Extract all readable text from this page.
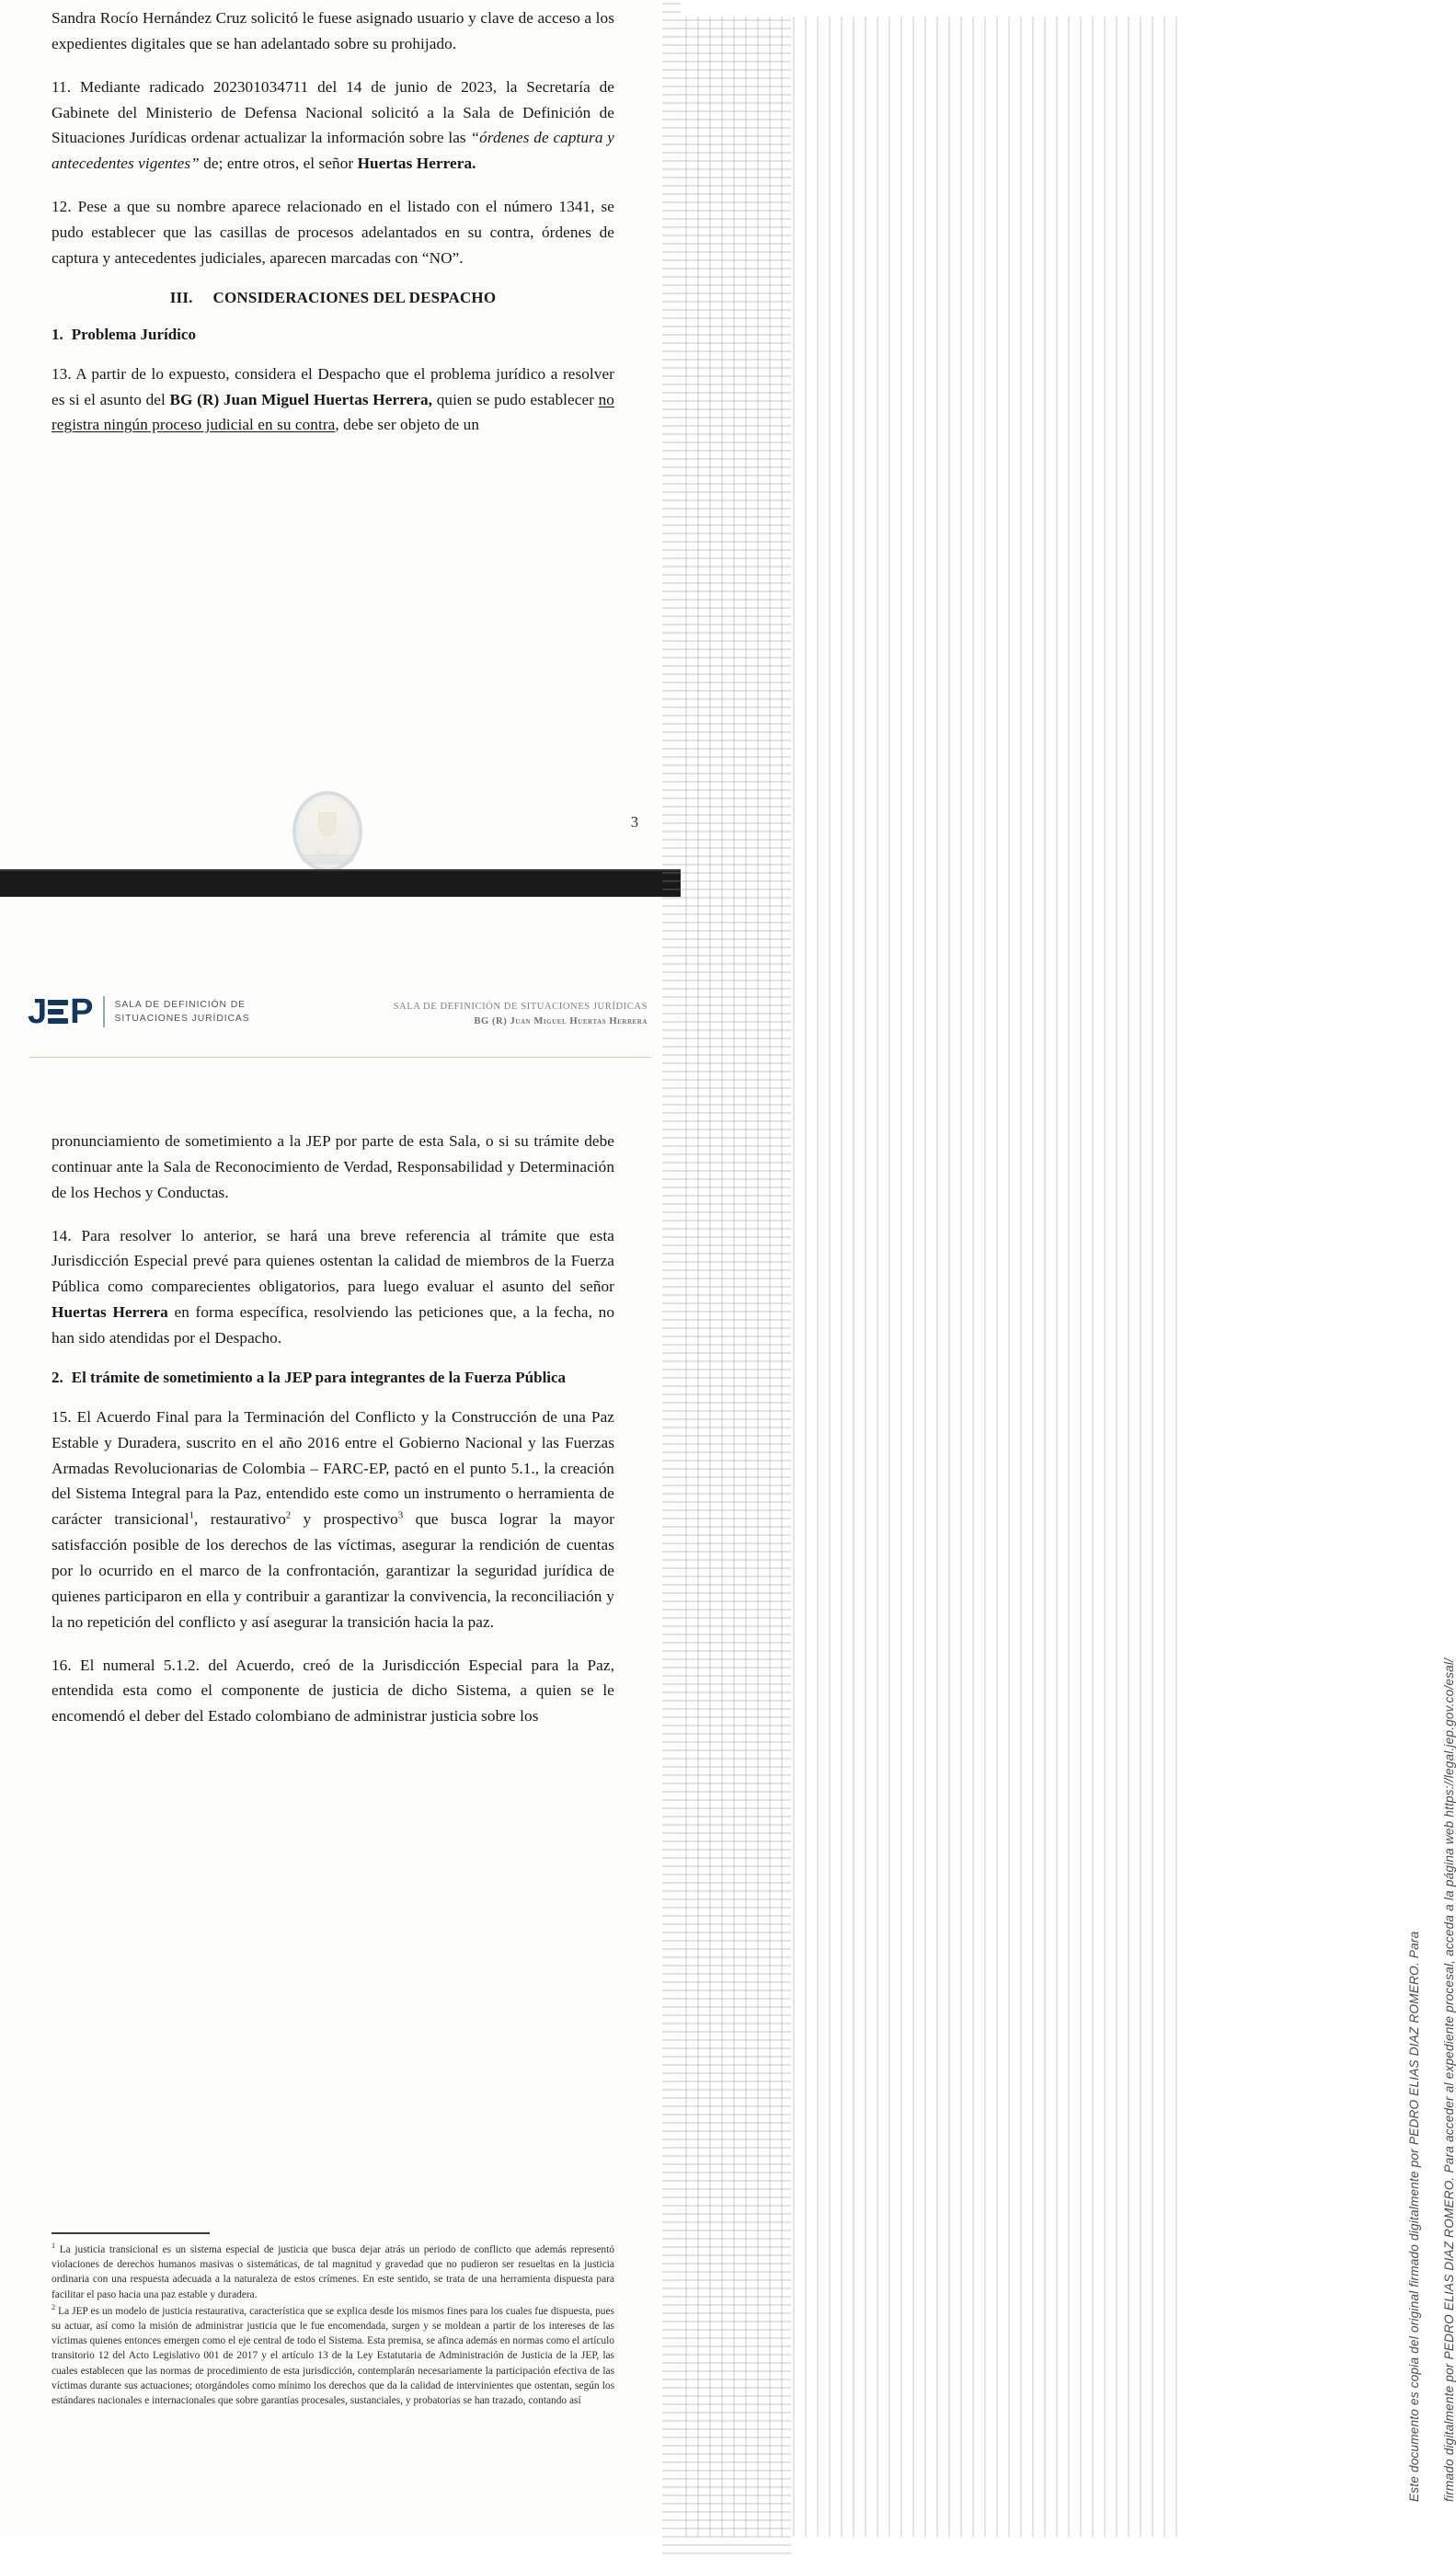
Sandra Rocío Hernández Cruz solicitó le fuese asignado usuario y clave de acceso a los expedientes digitales que se han adelantado sobre su prohijado.

11. Mediante radicado 202301034711 del 14 de junio de 2023, la Secretaría de Gabinete del Ministerio de Defensa Nacional solicitó a la Sala de Definición de Situaciones Jurídicas ordenar actualizar la información sobre las “órdenes de captura y antecedentes vigentes” de; entre otros, el señor Huertas Herrera.

12. Pese a que su nombre aparece relacionado en el listado con el número 1341, se pudo establecer que las casillas de procesos adelantados en su contra, órdenes de captura y antecedentes judiciales, aparecen marcadas con “NO”.

III. CONSIDERACIONES DEL DESPACHO
1. Problema Jurídico

13. A partir de lo expuesto, considera el Despacho que el problema jurídico a resolver es si el asunto del BG (R) Juan Miguel Huertas Herrera, quien se pudo establecer no registra ningún proceso judicial en su contra, debe ser objeto de un

3
J P SALA DE DEFINICIÓN DE
SITUACIONES JURÍDICAS
SALA DE DEFINICIÓN DE SITUACIONES JURÍDICAS
BG (R) Juan Miguel Huertas Herrera

pronunciamiento de sometimiento a la JEP por parte de esta Sala, o si su trámite debe continuar ante la Sala de Reconocimiento de Verdad, Responsabilidad y Determinación de los Hechos y Conductas.

14. Para resolver lo anterior, se hará una breve referencia al trámite que esta Jurisdicción Especial prevé para quienes ostentan la calidad de miembros de la Fuerza Pública como comparecientes obligatorios, para luego evaluar el asunto del señor Huertas Herrera en forma específica, resolviendo las peticiones que, a la fecha, no han sido atendidas por el Despacho.

2. El trámite de sometimiento a la JEP para integrantes de la Fuerza Pública

15. El Acuerdo Final para la Terminación del Conflicto y la Construcción de una Paz Estable y Duradera, suscrito en el año 2016 entre el Gobierno Nacional y las Fuerzas Armadas Revolucionarias de Colombia – FARC-EP, pactó en el punto 5.1., la creación del Sistema Integral para la Paz, entendido este como un instrumento o herramienta de carácter transicional$^1$, restaurativo$^2$ y prospectivo$^3$ que busca lograr la mayor satisfacción posible de los derechos de las víctimas, asegurar la rendición de cuentas por lo ocurrido en el marco de la confrontación, garantizar la seguridad jurídica de quienes participaron en ella y contribuir a garantizar la convivencia, la reconciliación y la no repetición del conflicto y así asegurar la transición hacia la paz.

16. El numeral 5.1.2. del Acuerdo, creó de la Jurisdicción Especial para la Paz, entendida esta como el componente de justicia de dicho Sistema, a quien se le encomendó el deber del Estado colombiano de administrar justicia sobre los

$^1$ La justicia transicional es un sistema especial de justicia que busca dejar atrás un periodo de conflicto que además representó violaciones de derechos humanos masivas o sistemáticas, de tal magnitud y gravedad que no pudieron ser resueltas en la justicia ordinaria con una respuesta adecuada a la naturaleza de estos crímenes. En este sentido, se trata de una herramienta dispuesta para facilitar el paso hacia una paz estable y duradera.

$^2$ La JEP es un modelo de justicia restaurativa, característica que se explica desde los mismos fines para los cuales fue dispuesta, pues su actuar, así como la misión de administrar justicia que le fue encomendada, surgen y se moldean a partir de los intereses de las víctimas quienes entonces emergen como el eje central de todo el Sistema. Esta premisa, se afinca además en normas como el artículo transitorio 12 del Acto Legislativo 001 de 2017 y el artículo 13 de la Ley Estatutaria de Administración de Justicia de la JEP, las cuales establecen que las normas de procedimiento de esta jurisdicción, contemplarán necesariamente la participación efectiva de las víctimas durante sus actuaciones; otorgándoles como mínimo los derechos que da la calidad de intervinientes que ostentan, según los estándares nacionales e internacionales que sobre garantías procesales, sustanciales, y probatorias se han trazado, contando así	Este documento es copia del original firmado digitalmente por PEDRO ELIAS DIAZ ROMERO. Para firmado digitalmente por PEDRO ELIAS DIAZ ROMERO. Para acceder al expediente procesal, acceda a la página web https://legal.jep.gov.co/esal/
